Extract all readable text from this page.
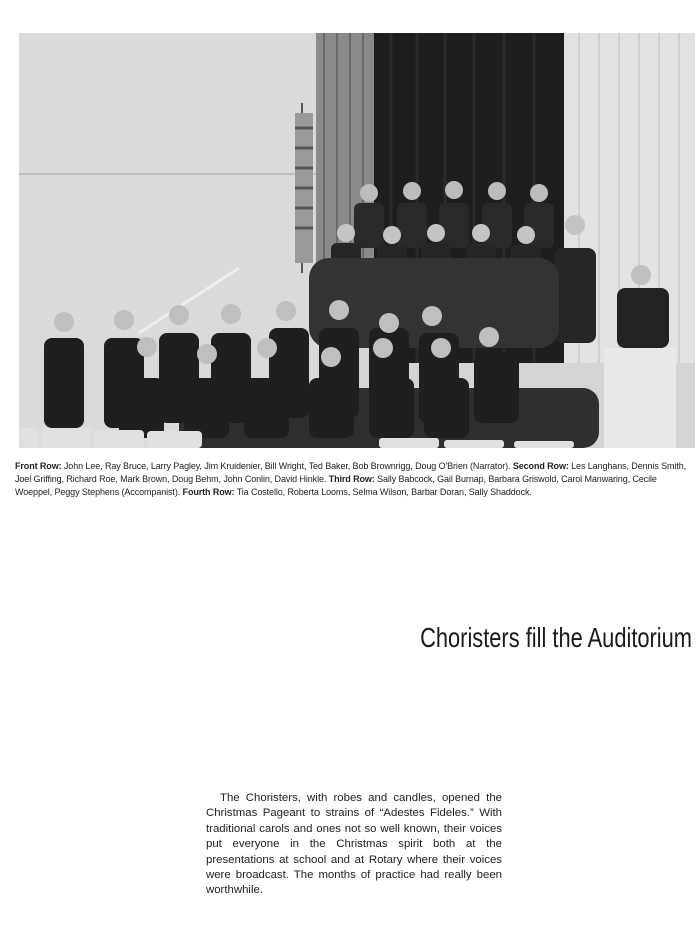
Front Row: John Lee, Ray Bruce, Larry Pagley, Jim Kruidenier, Bill Wright, Ted Baker, Bob Brownrigg, Doug O'Brien (Narrator). Second Row: Les Langhans, Dennis Smith, Joel Griffing, Richard Roe, Mark Brown, Doug Behm, John Conlin, David Hinkle. Third Row: Sally Babcock, Gail Burnap, Barbara Griswold, Carol Manwaring, Cecile Woeppel, Peggy Stephens (Accompanist). Fourth Row: Tia Costello, Roberta Looms, Selma Wilson, Barbar Doran, Sally Shaddock.
Choristers fill the Auditorium
The Choristers, with robes and candles, opened the Christmas Pageant to strains of “Adestes Fideles.” With traditional carols and ones not so well known, their voices put everyone in the Christmas spirit both at the presentations at school and at Rotary where their voices were broadcast. The months of practice had really been worthwhile.
